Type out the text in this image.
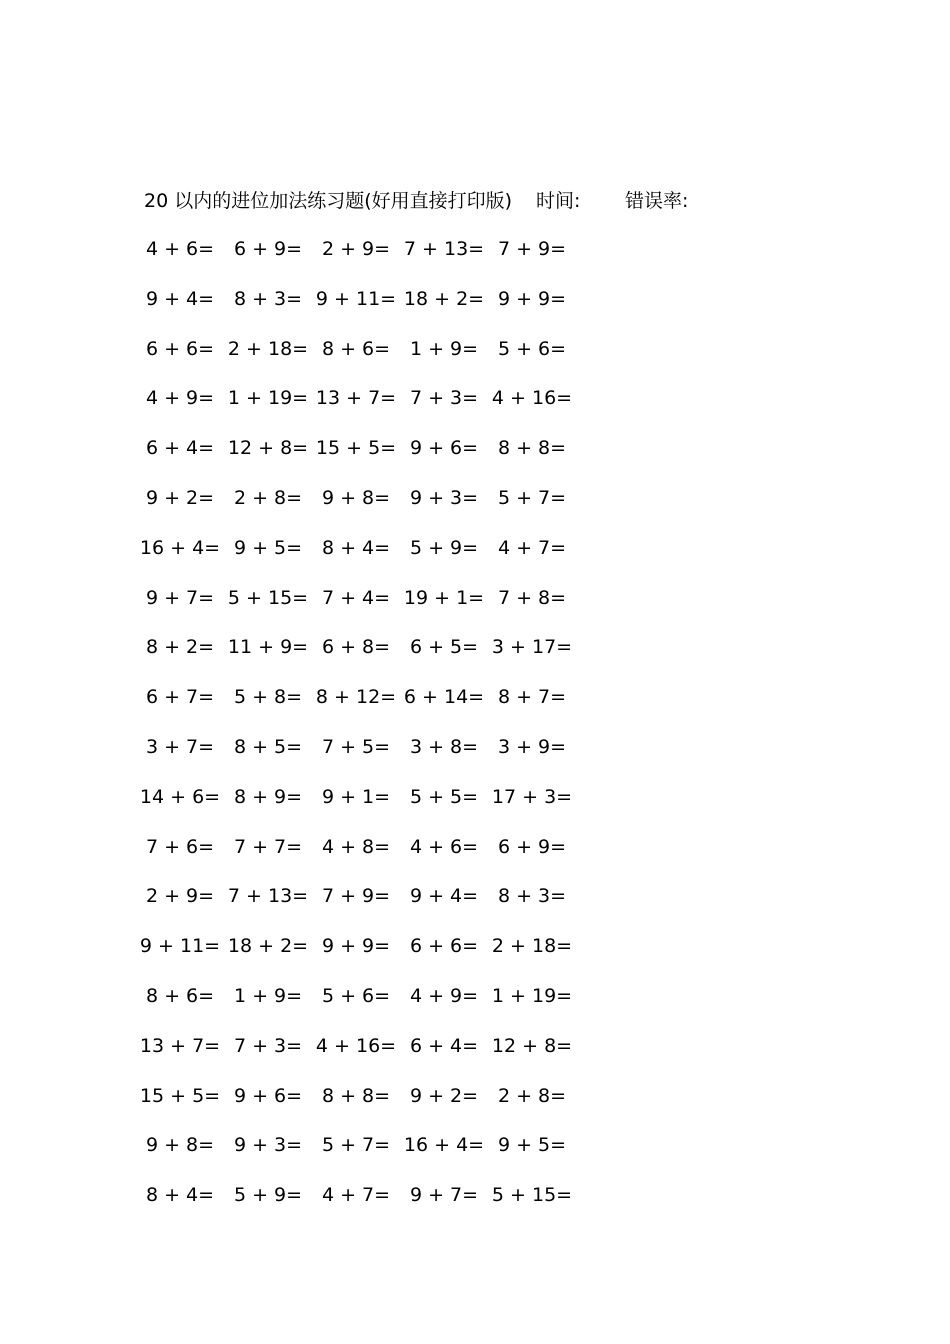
20 以内的进位加法练习题(好用直接打印版) 时间: 错误率:
4 + 6=	6 + 9=	2 + 9= 7 + 13= 7 + 9=
9 + 4=	8 + 3= 9 + 11= 18 + 2= 9 + 9=
6 + 6= 2 + 18= 8 + 6=	1 + 9=	5 + 6=
4 + 9= 1 + 19= 13 + 7= 7 + 3= 4 + 16=
6 + 4= 12 + 8= 15 + 5= 9 + 6=	8 + 8=
9 + 2=	2 + 8=	9 + 8=	9 + 3=	5 + 7=
16 + 4= 9 + 5=	8 + 4=	5 + 9=	4 + 7=
9 + 7= 5 + 15= 7 + 4= 19 + 1= 7 + 8=
8 + 2= 11 + 9= 6 + 8=	6 + 5= 3 + 17=
6 + 7=	5 + 8= 8 + 12= 6 + 14= 8 + 7=
3 + 7=	8 + 5=	7 + 5=	3 + 8=	3 + 9=
14 + 6= 8 + 9=	9 + 1=	5 + 5= 17 + 3=
7 + 6=	7 + 7=	4 + 8=	4 + 6=	6 + 9=
2 + 9= 7 + 13= 7 + 9=	9 + 4=	8 + 3=
9 + 11= 18 + 2= 9 + 9=	6 + 6= 2 + 18=
8 + 6=	1 + 9=	5 + 6=	4 + 9= 1 + 19=
13 + 7= 7 + 3= 4 + 16= 6 + 4= 12 + 8=
15 + 5= 9 + 6=	8 + 8=	9 + 2=	2 + 8=
9 + 8=	9 + 3=	5 + 7= 16 + 4= 9 + 5=
8 + 4=	5 + 9=	4 + 7=	9 + 7= 5 + 15=
